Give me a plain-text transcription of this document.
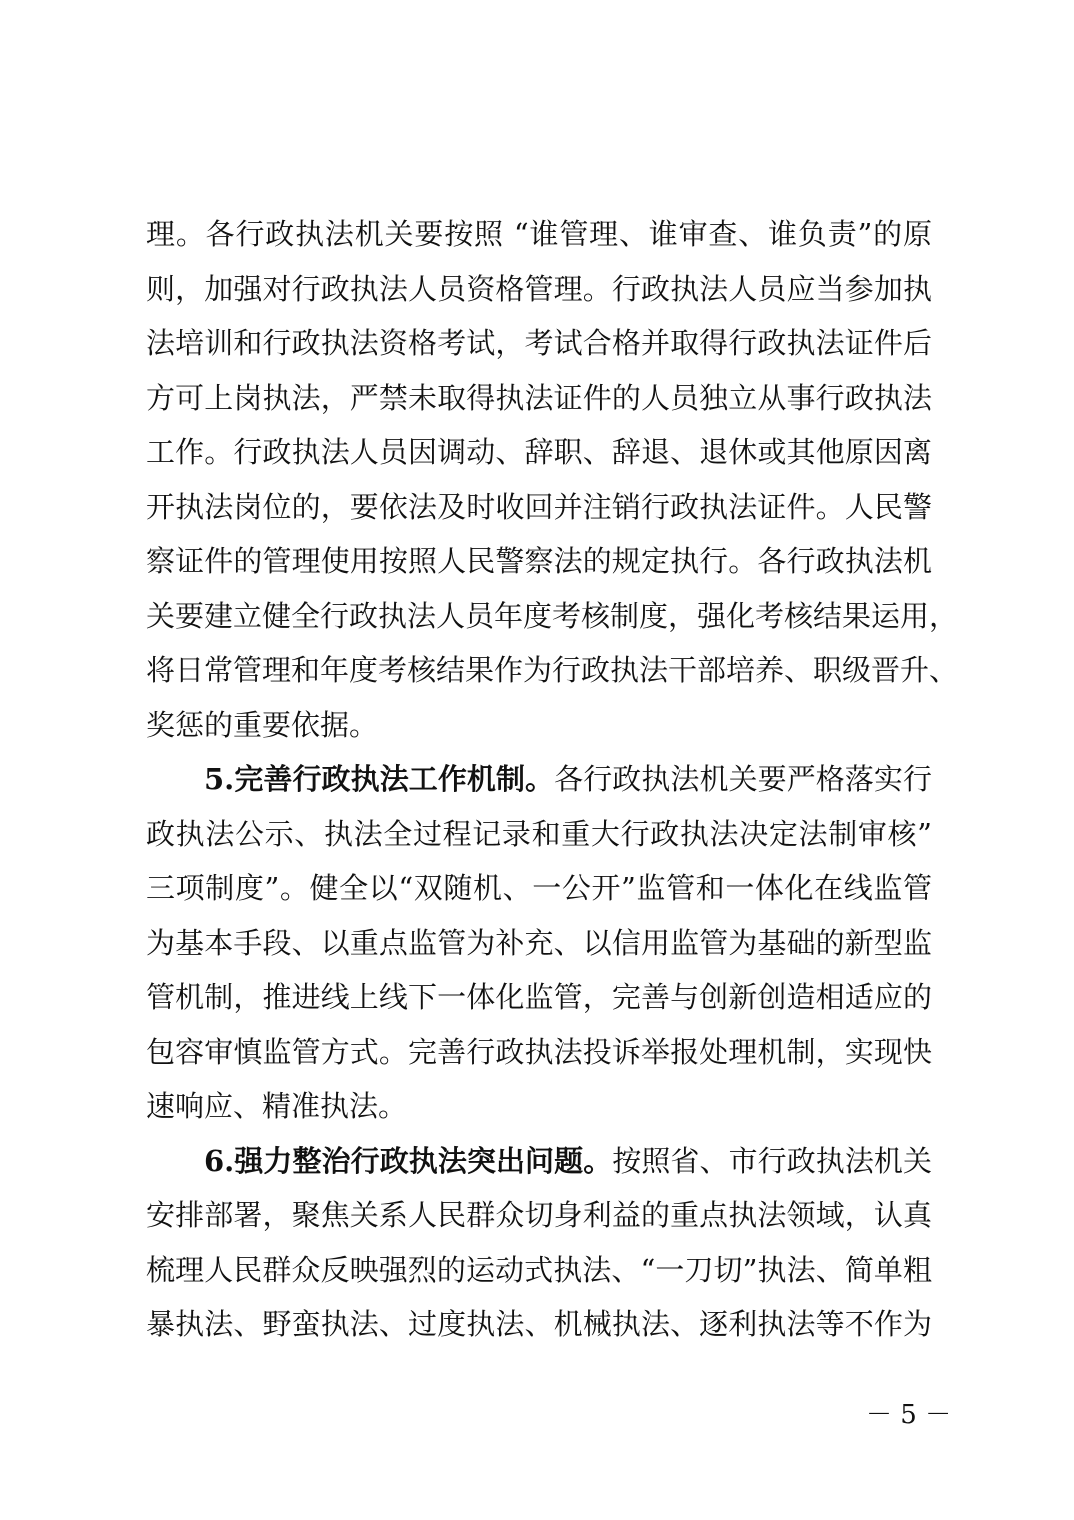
理。各行政执法机关要按照 “谁管理、谁审查、谁负责”的原
则，加强对行政执法人员资格管理。行政执法人员应当参加执
法培训和行政执法资格考试，考试合格并取得行政执法证件后
方可上岗执法，严禁未取得执法证件的人员独立从事行政执法
工作。行政执法人员因调动、辞职、辞退、退休或其他原因离
开执法岗位的，要依法及时收回并注销行政执法证件。人民警
察证件的管理使用按照人民警察法的规定执行。各行政执法机
关要建立健全行政执法人员年度考核制度，强化考核结果运用，
将日常管理和年度考核结果作为行政执法干部培养、职级晋升、
奖惩的重要依据。
5.完善行政执法工作机制。各行政执法机关要严格落实行
政执法公示、执法全过程记录和重大行政执法决定法制审核”
三项制度”。健全以“双随机、一公开”监管和一体化在线监管
为基本手段、以重点监管为补充、以信用监管为基础的新型监
管机制，推进线上线下一体化监管，完善与创新创造相适应的
包容审慎监管方式。完善行政执法投诉举报处理机制，实现快
速响应、精准执法。
6.强力整治行政执法突出问题。按照省、市行政执法机关
安排部署，聚焦关系人民群众切身利益的重点执法领域，认真
梳理人民群众反映强烈的运动式执法、“一刀切”执法、简单粗
暴执法、野蛮执法、过度执法、机械执法、逐利执法等不作为
－ 5 －
